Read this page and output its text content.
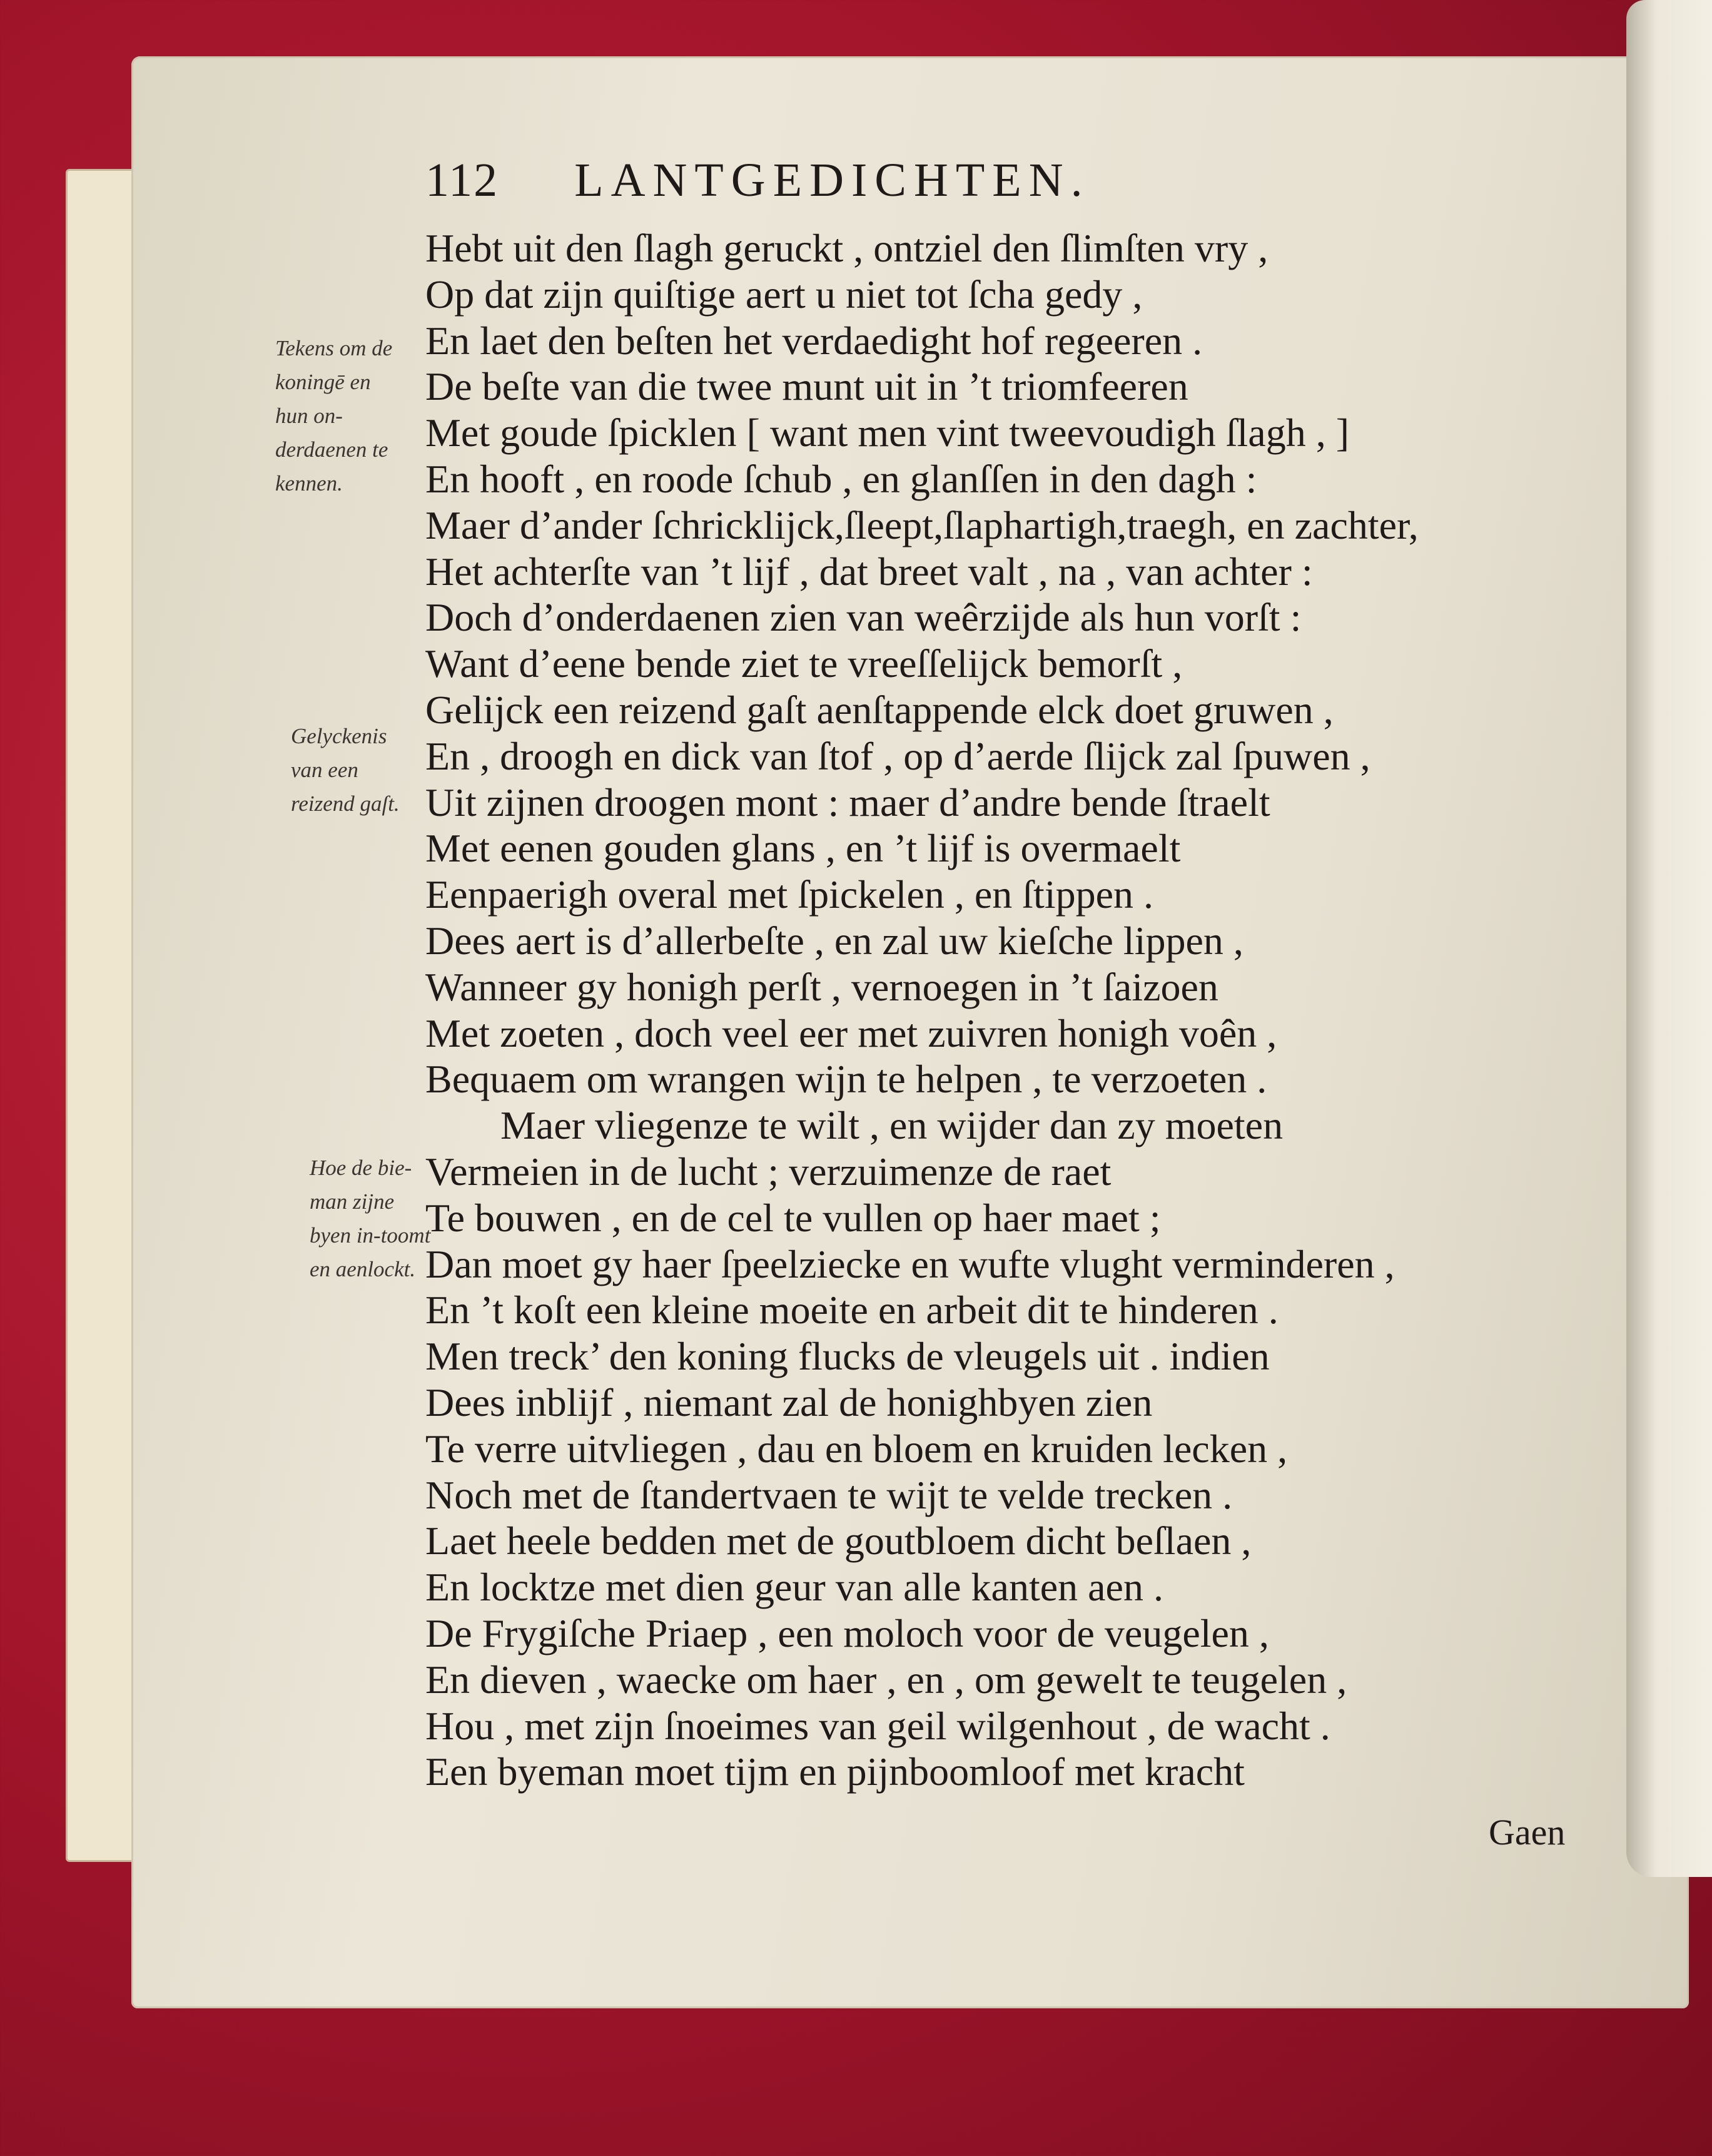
112 LANTGEDICHTEN.
Hebt uit den ſlagh geruckt , ontziel den ſlimſten vry ,
Op dat zijn quiſtige aert u niet tot ſcha gedy ,
En laet den beſten het verdaedight hof regeeren .
De beſte van die twee munt uit in ’t triomfeeren
Met goude ſpicklen [ want men vint tweevoudigh ſlagh , ]
En hooft , en roode ſchub , en glanſſen in den dagh :
Maer d’ander ſchricklijck,ſleept,ſlaphartigh,traegh, en zachter,
Het achterſte van ’t lijf , dat breet valt , na , van achter :
Doch d’onderdaenen zien van weêrzijde als hun vorſt :
Want d’eene bende ziet te vreeſſelijck bemorſt ,
Gelijck een reizend gaſt aenſtappende elck doet gruwen ,
En , droogh en dick van ſtof , op d’aerde ſlijck zal ſpuwen ,
Uit zijnen droogen mont : maer d’andre bende ſtraelt
Met eenen gouden glans , en ’t lijf is overmaelt
Eenpaerigh overal met ſpickelen , en ſtippen .
Dees aert is d’allerbeſte , en zal uw kieſche lippen ,
Wanneer gy honigh perſt , vernoegen in ’t ſaizoen
Met zoeten , doch veel eer met zuivren honigh voên ,
Bequaem om wrangen wijn te helpen , te verzoeten .
Maer vliegenze te wilt , en wijder dan zy moeten
Vermeien in de lucht ; verzuimenze de raet
Te bouwen , en de cel te vullen op haer maet ;
Dan moet gy haer ſpeelziecke en wufte vlught verminderen ,
En ’t koſt een kleine moeite en arbeit dit te hinderen .
Men treck’ den koning flucks de vleugels uit . indien
Dees inblijf , niemant zal de honighbyen zien
Te verre uitvliegen , dau en bloem en kruiden lecken ,
Noch met de ſtandertvaen te wijt te velde trecken .
Laet heele bedden met de goutbloem dicht beſlaen ,
En locktze met dien geur van alle kanten aen .
De Frygiſche Priaep , een moloch voor de veugelen ,
En dieven , waecke om haer , en , om gewelt te teugelen ,
Hou , met zijn ſnoeimes van geil wilgenhout , de wacht .
Een byeman moet tijm en pijnboomloof met kracht
Tekens om de koningē en hun on-derdaenen te kennen.
Gelyckenis van een reizend gaſt.
Hoe de bie-man zijne byen in-toomt en aenlockt.
Gaen
